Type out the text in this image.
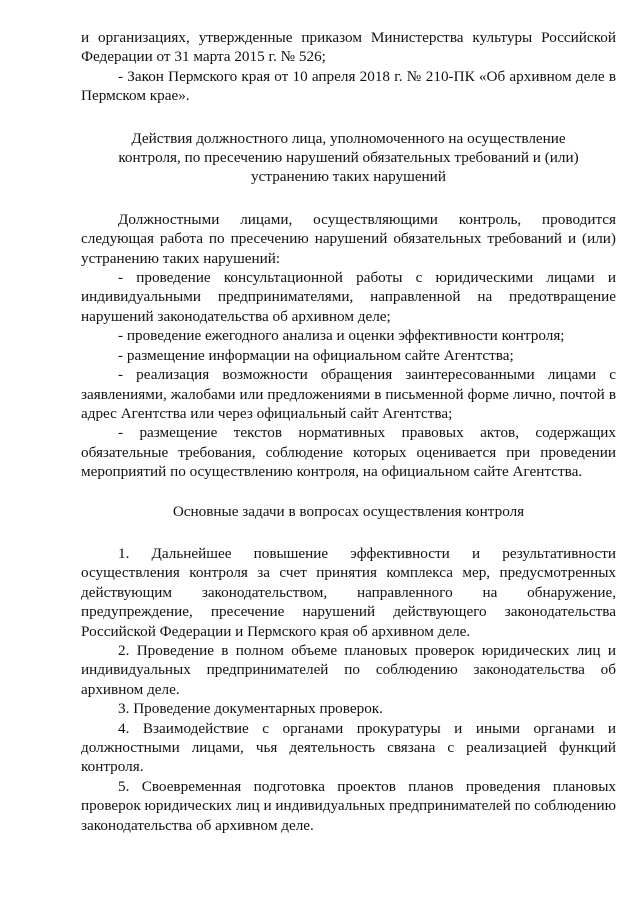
и организациях, утвержденные приказом Министерства культуры Российской Федерации от 31 марта 2015 г. № 526;

- Закон Пермского края от 10 апреля 2018 г. № 210-ПК «Об архивном деле в Пермском крае».

Действия должностного лица, уполномоченного на осуществление контроля, по пресечению нарушений обязательных требований и (или) устранению таких нарушений

Должностными лицами, осуществляющими контроль, проводится следующая работа по пресечению нарушений обязательных требований и (или) устранению таких нарушений:

- проведение консультационной работы с юридическими лицами и индивидуальными предпринимателями, направленной на предотвращение нарушений законодательства об архивном деле;

- проведение ежегодного анализа и оценки эффективности контроля;

- размещение информации на официальном сайте Агентства;

- реализация возможности обращения заинтересованными лицами с заявлениями, жалобами или предложениями в письменной форме лично, почтой в адрес Агентства или через официальный сайт Агентства;

- размещение текстов нормативных правовых актов, содержащих обязательные требования, соблюдение которых оценивается при проведении мероприятий по осуществлению контроля, на официальном сайте Агентства.

Основные задачи в вопросах осуществления контроля

1. Дальнейшее повышение эффективности и результативности осуществления контроля за счет принятия комплекса мер, предусмотренных действующим законодательством, направленного на обнаружение, предупреждение, пресечение нарушений действующего законодательства Российской Федерации и Пермского края об архивном деле.

2. Проведение в полном объеме плановых проверок юридических лиц и индивидуальных предпринимателей по соблюдению законодательства об архивном деле.

3. Проведение документарных проверок.

4. Взаимодействие с органами прокуратуры и иными органами и должностными лицами, чья деятельность связана с реализацией функций контроля.

5. Своевременная подготовка проектов планов проведения плановых проверок юридических лиц и индивидуальных предпринимателей по соблюдению законодательства об архивном деле.
